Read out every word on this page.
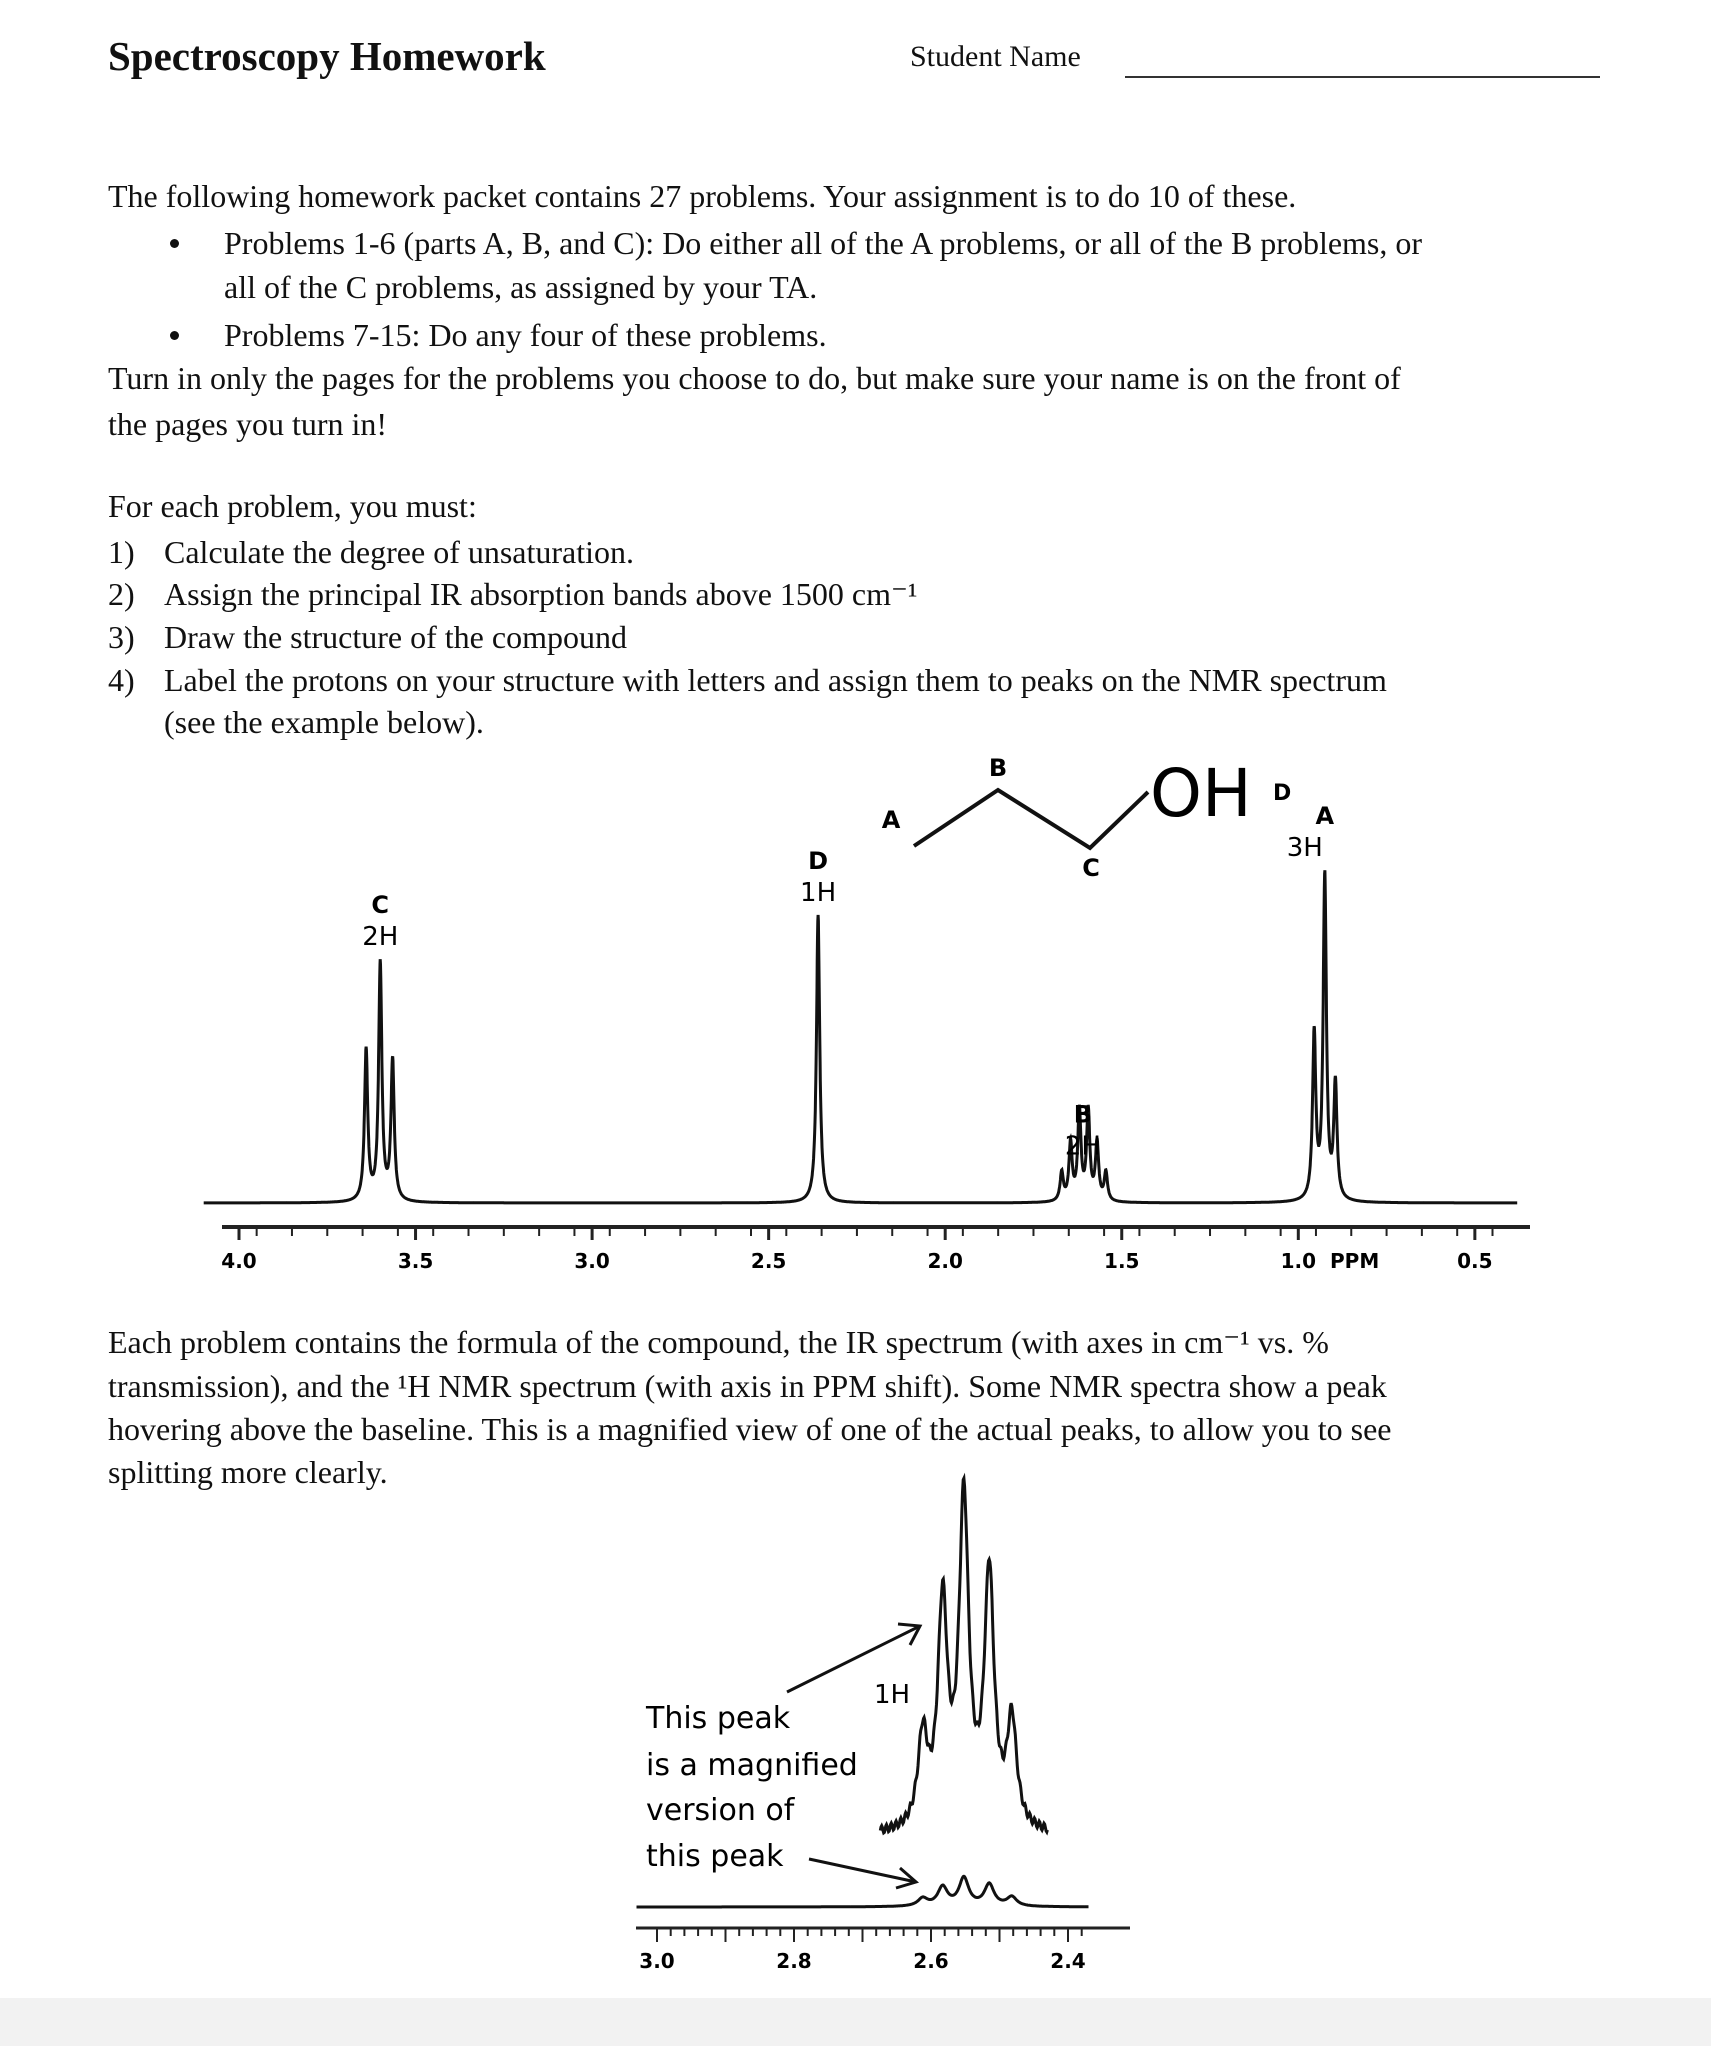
Spectroscopy Homework	Student Name
The following homework packet contains 27 problems. Your assignment is to do 10 of these.
Problems 1-6 (parts A, B, and C): Do either all of the A problems, or all of the B problems, or
all of the C problems, as assigned by your TA.
Problems 7-15: Do any four of these problems.
Turn in only the pages for the problems you choose to do, but make sure your name is on the front of
the pages you turn in!
For each problem, you must:
1) Calculate the degree of unsaturation.
2) Assign the principal IR absorption bands above 1500 cm⁻¹
3) Draw the structure of the compound
4) Label the protons on your structure with letters and assign them to peaks on the NMR spectrum
(see the example below).
A
B
C
OH D
4.0	3.5	3.0	2.5	2.0	1.5	1.0	0.5
C
2H
D
1H
B
2H
A
3H
PPM
3.0	2.8	2.6	2.4
1H
This peak
is a magnified
version of
this peak
Each problem contains the formula of the compound, the IR spectrum (with axes in cm⁻¹ vs. %
transmission), and the ¹H NMR spectrum (with axis in PPM shift). Some NMR spectra show a peak
hovering above the baseline. This is a magnified view of one of the actual peaks, to allow you to see
splitting more clearly.
